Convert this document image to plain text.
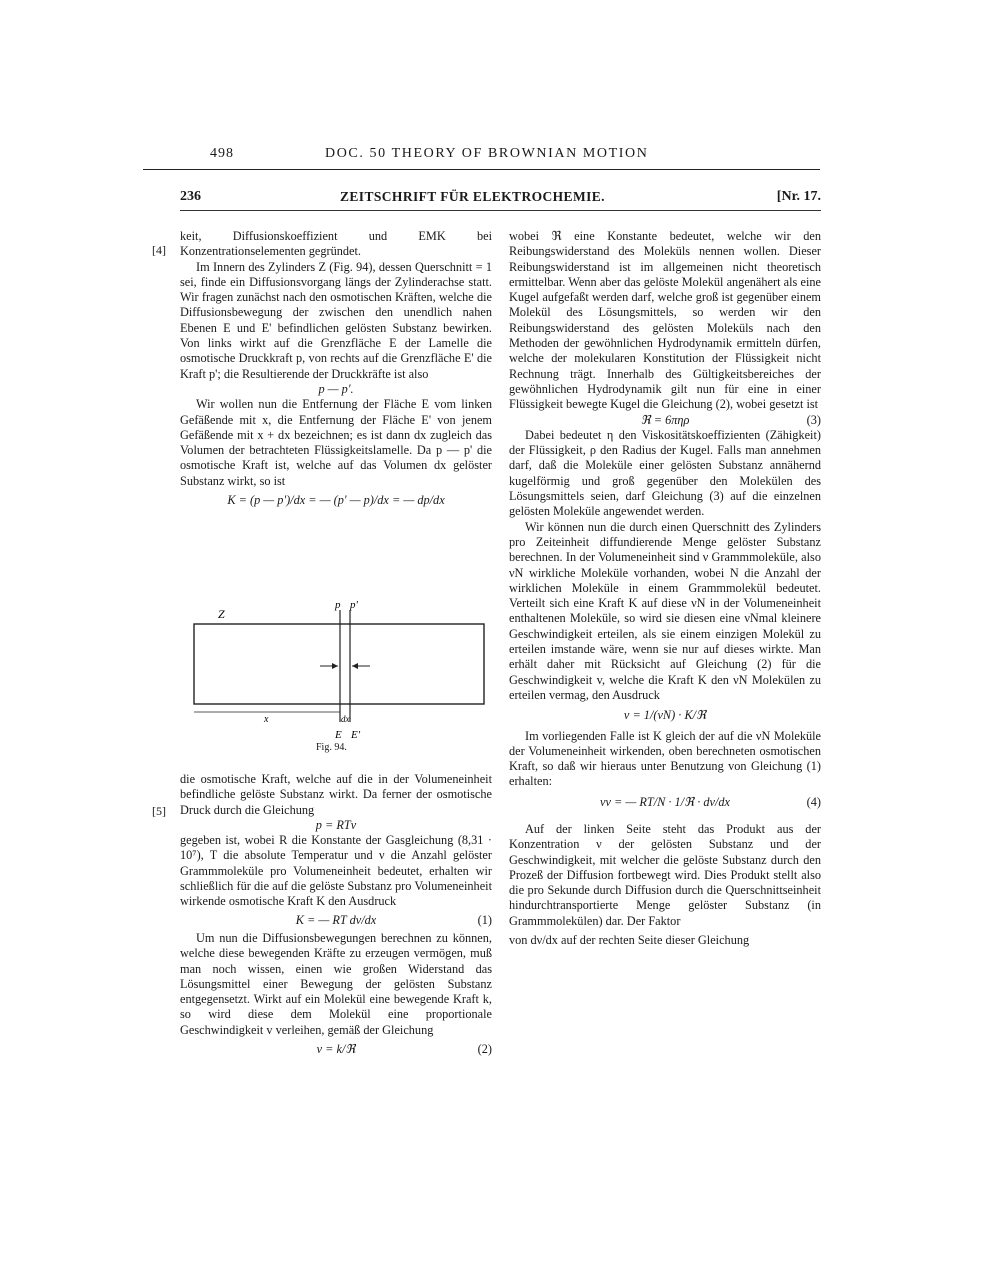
498	DOC. 50 THEORY OF BROWNIAN MOTION
236	ZEITSCHRIFT FÜR ELEKTROCHEMIE.	[Nr. 17.
[4]
[5]

keit, Diffusionskoeffizient und EMK bei Konzentrationselementen gegründet.

Im Innern des Zylinders Z (Fig. 94), dessen Querschnitt = 1 sei, finde ein Diffusionsvorgang längs der Zylinderachse statt. Wir fragen zunächst nach den osmotischen Kräften, welche die Diffusionsbewegung der zwischen den unendlich nahen Ebenen E und E' befindlichen gelösten Substanz bewirken. Von links wirkt auf die Grenzfläche E der Lamelle die osmotische Druckkraft p, von rechts auf die Grenzfläche E' die Kraft p'; die Resultierende der Druckkräfte ist also

p — p'.

Wir wollen nun die Entfernung der Fläche E vom linken Gefäßende mit x, die Entfernung der Fläche E' von jenem Gefäßende mit x + dx bezeichnen; es ist dann dx zugleich das Volumen der betrachteten Flüssigkeitslamelle. Da p — p' die osmotische Kraft ist, welche auf das Volumen dx gelöster Substanz wirkt, so ist

K = (p — p')/dx = — (p' — p)/dx = — dp/dx

Z
p p'
x	dx
E E'
Fig. 94.

die osmotische Kraft, welche auf die in der Volumeneinheit befindliche gelöste Substanz wirkt. Da ferner der osmotische Druck durch die Gleichung

p = RTν

gegeben ist, wobei R die Konstante der Gasgleichung (8,31 · 10⁷), T die absolute Temperatur und ν die Anzahl gelöster Grammmoleküle pro Volumeneinheit bedeutet, erhalten wir schließlich für die auf die gelöste Substanz pro Volumeneinheit wirkende osmotische Kraft K den Ausdruck

K = — RT dν/dx	(1)

Um nun die Diffusionsbewegungen berechnen zu können, welche diese bewegenden Kräfte zu erzeugen vermögen, muß man noch wissen, einen wie großen Widerstand das Lösungsmittel einer Bewegung der gelösten Substanz entgegensetzt. Wirkt auf ein Molekül eine bewegende Kraft k, so wird diese dem Molekül eine proportionale Geschwindigkeit v verleihen, gemäß der Gleichung

v = k/ℜ	(2)

wobei ℜ eine Konstante bedeutet, welche wir den Reibungswiderstand des Moleküls nennen wollen. Dieser Reibungswiderstand ist im allgemeinen nicht theoretisch ermittelbar. Wenn aber das gelöste Molekül angenähert als eine Kugel aufgefaßt werden darf, welche groß ist gegenüber einem Molekül des Lösungsmittels, so werden wir den Reibungswiderstand des gelösten Moleküls nach den Methoden der gewöhnlichen Hydrodynamik ermitteln dürfen, welche der molekularen Konstitution der Flüssigkeit nicht Rechnung trägt. Innerhalb des Gültigkeitsbereiches der gewöhnlichen Hydrodynamik gilt nun für eine in einer Flüssigkeit bewegte Kugel die Gleichung (2), wobei gesetzt ist

ℜ = 6πηρ	(3)

Dabei bedeutet η den Viskositätskoeffizienten (Zähigkeit) der Flüssigkeit, ρ den Radius der Kugel. Falls man annehmen darf, daß die Moleküle einer gelösten Substanz annähernd kugelförmig und groß gegenüber den Molekülen des Lösungsmittels seien, darf Gleichung (3) auf die einzelnen gelösten Moleküle angewendet werden.

Wir können nun die durch einen Querschnitt des Zylinders pro Zeiteinheit diffundierende Menge gelöster Substanz berechnen. In der Volumeneinheit sind ν Grammmoleküle, also νN wirkliche Moleküle vorhanden, wobei N die Anzahl der wirklichen Moleküle in einem Grammmolekül bedeutet. Verteilt sich eine Kraft K auf diese νN in der Volumeneinheit enthaltenen Moleküle, so wird sie diesen eine νNmal kleinere Geschwindigkeit erteilen, als sie einem einzigen Molekül zu erteilen imstande wäre, wenn sie nur auf dieses wirkte. Man erhält daher mit Rücksicht auf Gleichung (2) für die Geschwindigkeit v, welche die Kraft K den νN Molekülen zu erteilen vermag, den Ausdruck

v = 1/(νN) · K/ℜ

Im vorliegenden Falle ist K gleich der auf die νN Moleküle der Volumeneinheit wirkenden, oben berechneten osmotischen Kraft, so daß wir hieraus unter Benutzung von Gleichung (1) erhalten:

vν = — RT/N · 1/ℜ · dν/dx	(4)

Auf der linken Seite steht das Produkt aus der Konzentration ν der gelösten Substanz und der Geschwindigkeit, mit welcher die gelöste Substanz durch den Prozeß der Diffusion fortbewegt wird. Dies Produkt stellt also die pro Sekunde durch Diffusion durch die Querschnittseinheit hindurchtransportierte Menge gelöster Substanz (in Grammmolekülen) dar. Der Faktor

von dν/dx auf der rechten Seite dieser Gleichung
